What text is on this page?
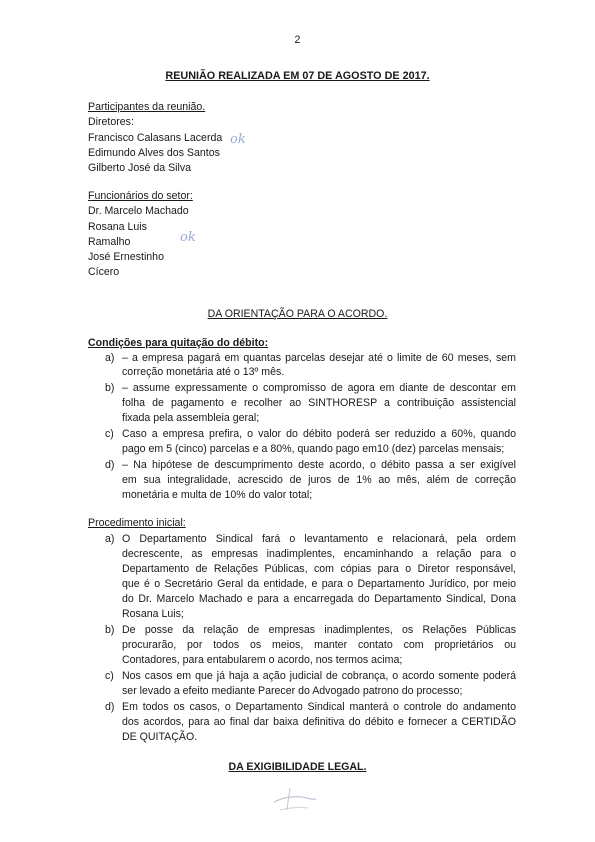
2
REUNIÃO REALIZADA EM 07 DE AGOSTO DE 2017.
Participantes da reunião.
Diretores:
Francisco Calasans Lacerda
Edimundo Alves dos Santos
Gilberto José da Silva
ok
Funcionários do setor:
Dr. Marcelo Machado
Rosana Luis
Ramalho
José Ernestinho
Cícero
ok
DA ORIENTAÇÃO PARA O ACORDO.
Condições para quitação do débito:
a) – a empresa pagará em quantas parcelas desejar até o limite de 60 meses, sem
correção monetária até o 13º mês.
b) – assume expressamente o compromisso de agora em diante de descontar em
folha de pagamento e recolher ao SINTHORESP a contribuição assistencial
fixada pela assembleia geral;
c) Caso a empresa prefira, o valor do débito poderá ser reduzido a 60%, quando
pago em 5 (cinco) parcelas e a 80%, quando pago em10 (dez) parcelas mensais;
d) – Na hipótese de descumprimento deste acordo, o débito passa a ser exigível
em sua integralidade, acrescido de juros de 1% ao mês, além de correção
monetária e multa de 10% do valor total;
Procedimento inicial:
a) O Departamento Sindical fará o levantamento e relacionará, pela ordem
decrescente, as empresas inadimplentes, encaminhando a relação para o
Departamento de Relações Públicas, com cópias para o Diretor responsável,
que é o Secretário Geral da entidade, e para o Departamento Jurídico, por meio
do Dr. Marcelo Machado e para a encarregada do Departamento Sindical, Dona
Rosana Luis;
b) De posse da relação de empresas inadimplentes, os Relações Públicas
procurarão, por todos os meios, manter contato com proprietários ou
Contadores, para entabularem o acordo, nos termos acima;
c) Nos casos em que já haja a ação judicial de cobrança, o acordo somente poderá
ser levado a efeito mediante Parecer do Advogado patrono do processo;
d) Em todos os casos, o Departamento Sindical manterá o controle do andamento
dos acordos, para ao final dar baixa definitiva do débito e fornecer a CERTIDÃO
DE QUITAÇÃO.
DA EXIGIBILIDADE LEGAL.
